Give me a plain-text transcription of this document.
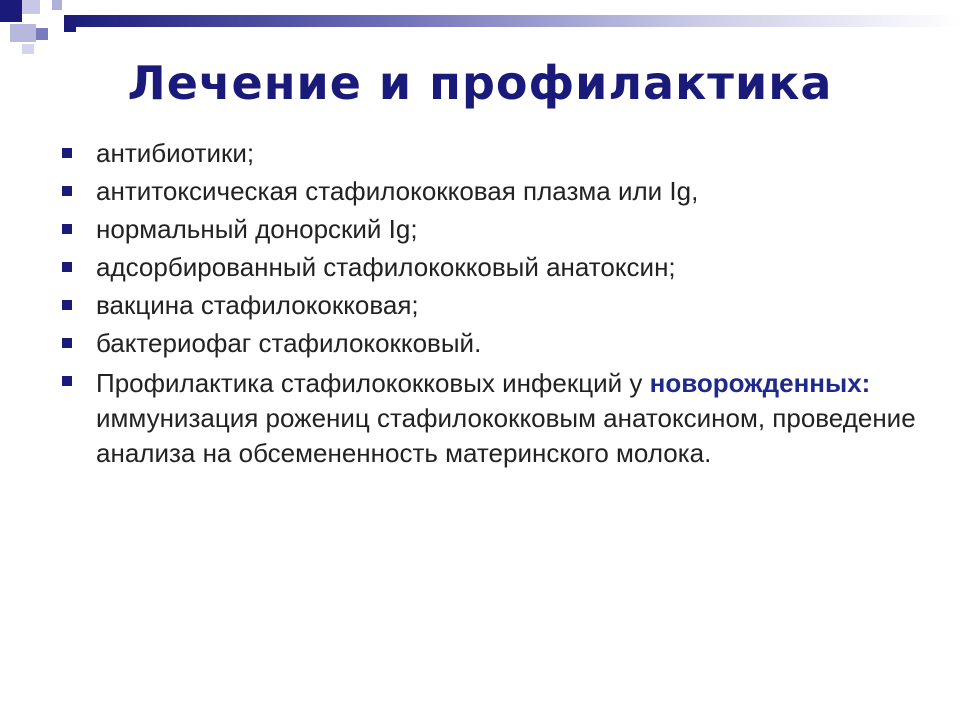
Лечение и профилактика
антибиотики;
антитоксическая стафилококковая плазма или Ig,
нормальный донорский Ig;
адсорбированный стафилококковый анатоксин;
вакцина стафилококковая;
бактериофаг стафилококковый.
Профилактика стафилококковых инфекций у новорожденных: иммунизация рожениц стафилококковым анатоксином, проведение анализа на обсемененность материнского молока.
